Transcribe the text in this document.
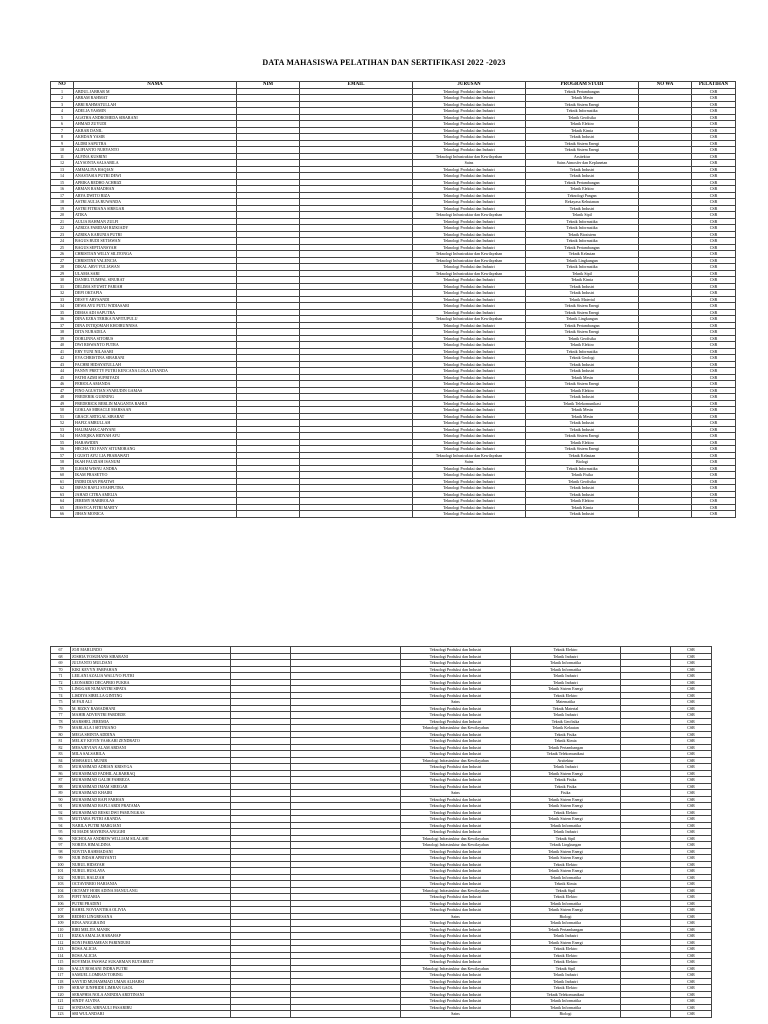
DATA MAHASISWA PELATIHAN DAN SERTIFIKASI 2022 -2023
NO	NAMA	NIM	EMAIL	JURUSAN	PROGRAM STUDI	NO WA	PELATIHAN
1	ABDUL JABBAR M			Teknologi Produksi dan Industri	Teknik Pertambangan		CSR
2	ABRAM RAHMAT			Teknologi Produksi dan Industri	Teknik Mesin		CSR
3	ABRI RAHMATULLAH			Teknologi Produksi dan Industri	Teknik Sistem Energi		CSR
4	ADELIA YASMIN			Teknologi Produksi dan Industri	Teknik Informatika		CSR
5	AGATHA ANDROMEDA SIBARANI			Teknologi Produksi dan Industri	Teknik Geofisika		CSR
6	AHMAD ZUYUDI			Teknologi Produksi dan Industri	Teknik Elektro		CSR
7	AKBAR DANIL			Teknologi Produksi dan Industri	Teknik Kimia		CSR
8	AKHDAN YASIR			Teknologi Produksi dan Industri	Teknik Industri		CSR
9	ALDRI SAPUTRA			Teknologi Produksi dan Industri	Teknik Sistem Energi		CSR
10	ALIFIANTO NURYANTO			Teknologi Produksi dan Industri	Teknik Sistem Energi		CSR
11	ALFINA KUSRINI			Teknologi Infrastruktur dan Kewilayahan	Arsitektur		CSR
12	ALYSONTA SALSABILA			Sains	Sains Atmosfer dan Keplanetan		CSR
13	AMMALIYA HAQIAN			Teknologi Produksi dan Industri	Teknik Industri		CSR
14	ANASTASIA PUTRI DEWI			Teknologi Produksi dan Industri	Teknik Industri		CSR
15	APRIKA REDHO ACHRIZI			Teknologi Produksi dan Industri	Teknik Pertambangan		CSR
16	ARMAN RAMADHAN			Teknologi Produksi dan Industri	Teknik Elektro		CSR
17	ARYA DWITO RIZA			Teknologi Produksi dan Industri	Teknologi Pangan		CSR
18	ASTRI AULIA RUWANDA			Teknologi Produksi dan Industri	Rekayasa Kehutanan		CSR
19	ASTRI FITRIANA SIREGAR			Teknologi Produksi dan Industri	Teknik Industri		CSR
20	ATIKA			Teknologi Infrastruktur dan Kewilayahan	Teknik Sipil		CSR
21	AULIA RAHMAN ZULFI			Teknologi Produksi dan Industri	Teknik Informatika		CSR
22	AZRIZA FARIDAH RIZKIADY			Teknologi Produksi dan Industri	Teknik Informatika		CSR
23	AZRIKA KARUNIA PUTRI			Teknologi Produksi dan Industri	Teknik Biosistem		CSR
24	BAGUS BUDI SETIAWAN			Teknologi Produksi dan Industri	Teknik Informatika		CSR
25	BAGUS SEPTIANSYAH			Teknologi Produksi dan Industri	Teknik Pertambangan		CSR
26	CHRISTIAN WILLY SILITONGA			Teknologi Infrastruktur dan Kewilayahan	Teknik Kelautan		CSR
27	CHRISTINE VALENCIA			Teknologi Infrastruktur dan Kewilayahan	Teknik Lingkungan		CSR
28	DIKAL ARVI YULIAWAN			Teknologi Produksi dan Industri	Teknik Informatika		CSR
29	ULAMA SARI			Teknologi Infrastruktur dan Kewilayahan	Teknik Sipil		CSR
30	DANIEL TUMPAL SINURAT			Teknologi Produksi dan Industri	Teknik Kimia		CSR
31	DELIMA SYUWIT FARIAH			Teknologi Produksi dan Industri	Teknik Industri		CSR
32	DEPI OKTAPIA			Teknologi Produksi dan Industri	Teknik Industri		CSR
33	DESVY ARYSANDI			Teknologi Produksi dan Industri	Teknik Material		CSR
34	DEWA AYU PUTU WIDIASARI			Teknologi Produksi dan Industri	Teknik Sistem Energi		CSR
35	DIMAS ADI SAPUTRA			Teknologi Produksi dan Industri	Teknik Sistem Energi		CSR
36	DINA EZRA TERIKA NAPITUPULU			Teknologi Infrastruktur dan Kewilayahan	Teknik Lingkungan		CSR
37	DINA INTIQOMAH KHOIRUNNISA			Teknologi Produksi dan Industri	Teknik Pertambangan		CSR
38	DITA NURADILA			Teknologi Produksi dan Industri	Teknik Sistem Energi		CSR
39	DORLINNA SITORUS			Teknologi Produksi dan Industri	Teknik Geofisika		CSR
40	DWI RISWANTO PUTRA			Teknologi Produksi dan Industri	Teknik Elektro		CSR
41	ERY YUNI NILASARI			Teknologi Produksi dan Industri	Teknik Informatika		CSR
42	EVA CHRISTINA SIBARANI			Teknologi Produksi dan Industri	Teknik Geologi		CSR
43	FACHRI HIDAYATULLAH			Teknologi Produksi dan Industri	Teknik Industri		CSR
44	FANNY PRETTY PUTRI KENCANA LOLA LINANDA			Teknologi Produksi dan Industri	Teknik Industri		CSR
45	FATHI AZMI SUPRIYADI			Teknologi Produksi dan Industri	Teknik Mesin		CSR
46	FEBIOLA AMANDA			Teknologi Produksi dan Industri	Teknik Sistem Energi		CSR
47	FINO AGUSTIAN SYARUDIN GAMAS			Teknologi Produksi dan Industri	Teknik Elektro		CSR
48	FREDERIK GURNING			Teknologi Produksi dan Industri	Teknik Industri		CSR
49	FREDERICK BERLIN MAGANTA RAHUI			Teknologi Produksi dan Industri	Teknik Telekomunikasi		CSR
50	GOKLAS MIRACLE MARSAAN			Teknologi Produksi dan Industri	Teknik Mesin		CSR
51	GRACE ARTIGAL SIBARAT			Teknologi Produksi dan Industri	Teknik Mesin		CSR
52	HAFIZ AMRULLAH			Teknologi Produksi dan Industri	Teknik Industri		CSR
53	HALIMAHA CAHYANI			Teknologi Produksi dan Industri	Teknik Industri		CSR
54	HANIQIKA HIDYAH AYU			Teknologi Produksi dan Industri	Teknik Sistem Energi		CSR
55	HARAWIDIN			Teknologi Produksi dan Industri	Teknik Elektro		CSR
56	HECHA TIO FANY SITUMORANG			Teknologi Produksi dan Industri	Teknik Sistem Energi		CSR
57	I GUSTI AYU LIA PRABAWATI			Teknologi Infrastruktur dan Kewilayahan	Teknik Kelautan		CSR
58	IKAH FAUZIAH ISANUM			Sains	Biologi		CSR
59	ILHAM WISNU ANDRA			Teknologi Produksi dan Industri	Teknik Informatika		CSR
60	IKAM PRASETYO			Teknologi Produksi dan Industri	Teknik Fisika		CSR
61	INDRI DIAN PRATIWI			Teknologi Produksi dan Industri	Teknik Geofisika		CSR
62	IRFAN RAFLI SYAHPUTRA			Teknologi Produksi dan Industri	Teknik Industri		CSR
63	JAHAD CITRA AMELIA			Teknologi Produksi dan Industri	Teknik Industri		CSR
64	JEREMY HARIBOLAS			Teknologi Produksi dan Industri	Teknik Elektro		CSR
65	JESSYCA FITRI MARTY			Teknologi Produksi dan Industri	Teknik Kimia		CSR
66	JIHAN MONICA			Teknologi Produksi dan Industri	Teknik Industri		CSR
67	JOJI MARLINDO			Teknologi Produksi dan Industri	Teknik Elektro		CSR
68	JOSHIA YOSUHANS SIBARANI			Teknologi Produksi dan Industri	Teknik Industri		CSR
69	JULYANTO MULDANI			Teknologi Produksi dan Industri	Teknik Informatika		CSR
70	KIKI KEVYN PARFAHAN			Teknologi Produksi dan Industri	Teknik Informatika		CSR
71	LEILANI AZALIA WALUYO PUTRI			Teknologi Produksi dan Industri	Teknik Industri		CSR
72	LEONARDO DECAPRIO PUKRA			Teknologi Produksi dan Industri	Teknik Industri		CSR
73	LINGGAR NUMANTRI SIPATA			Teknologi Produksi dan Industri	Teknik Sistem Energi		CSR
74	LISDIYA SIBELLA GINTING			Teknologi Produksi dan Industri	Teknik Elektro		CSR
75	M FAJI ALI			Sains	Matematika		CSR
76	M. RIZKY RAMADHANI			Teknologi Produksi dan Industri	Teknik Material		CSR
77	MAHIR ADVENTRI PARDEDE			Teknologi Produksi dan Industri	Teknik Industri		CSR
78	MARSHEL JEREMIA			Teknologi Produksi dan Industri	Teknik Geofisika		CSR
79	MARLALA I SETINIANO			Teknologi Infrastruktur dan Kewilayahan	Teknik Kelautan		CSR
80	MEGA SHINTA ADDINA			Teknologi Produksi dan Industri	Teknik Fisika		CSR
81	MELKY KEVIN YASKARI ZENDRATO			Teknologi Produksi dan Industri	Teknik Kimia		CSR
82	MESAJEVIAN ALAM ARDANI			Teknologi Produksi dan Industri	Teknik Pertambangan		CSR
83	MILA SALSABILA			Teknologi Produksi dan Industri	Teknik Telekomunikasi		CSR
84	MISBAKUL MUNIR			Teknologi Infrastruktur dan Kewilayahan	Arsitektur		CSR
85	MUHAMMAD ADRIAN KRISYGA			Teknologi Produksi dan Industri	Teknik Industri		CSR
86	MUHAMMAD FADHIL ALBARRAQ			Teknologi Produksi dan Industri	Teknik Sistem Energi		CSR
87	MUHAMMAD GALIH FAHREZA			Teknologi Produksi dan Industri	Teknik Fisika		CSR
88	MUHAMMAD IMAM SIREGAR			Teknologi Produksi dan Industri	Teknik Fisika		CSR
89	MUHAMMAD KHAIRI			Sains	Fisika		CSR
90	MUHAMMAD RAFI FARHAN			Teknologi Produksi dan Industri	Teknik Sistem Energi		CSR
91	MUHAMMAD RAFLI ARDI PRATAMA			Teknologi Produksi dan Industri	Teknik Sistem Energi		CSR
92	MUHAMMAD RESKI DWI PAMUNGKAS			Teknologi Produksi dan Industri	Teknik Elektro		CSR
93	MUTIARA PUTRI ARANDA			Teknologi Produksi dan Industri	Teknik Sistem Energi		CSR
94	NABILA PUTRI MARGIANI			Teknologi Produksi dan Industri	Teknik Informatika		CSR
95	NI MADE MAYRINA ANGGHI			Teknologi Produksi dan Industri	Teknik Industri		CSR
96	NICHOLAS ANDREW WILLIAM SILALAHI			Teknologi Infrastruktur dan Kewilayahan	Teknik Sipil		CSR
97	NORITA HIMALDINA			Teknologi Infrastruktur dan Kewilayahan	Teknik Lingkungan		CSR
98	NOVITA RAHMADANI			Teknologi Produksi dan Industri	Teknik Sistem Energi		CSR
99	NUR INDAH APRIYANTI			Teknologi Produksi dan Industri	Teknik Sistem Energi		CSR
100	NURUL HIDAYAH			Teknologi Produksi dan Industri	Teknik Elektro		CSR
101	NURUL HUSLAYA			Teknologi Produksi dan Industri	Teknik Sistem Energi		CSR
102	NURUL HALIZAH			Teknologi Produksi dan Industri	Teknik Informatika		CSR
103	OCTAVINRIO HARIANJA			Teknologi Produksi dan Industri	Teknik Kimia		CSR
104	OKTAMY HOIR ADINA MANULANG			Teknologi Infrastruktur dan Kewilayahan	Teknik Sipil		CSR
105	PIPIT NEZARIA			Teknologi Produksi dan Industri	Teknik Elektro		CSR
106	PUTRI PRADINI			Teknologi Produksi dan Industri	Teknik Informatika		CSR
107	RAHEL NOVIANTIKA OLIVIA			Teknologi Produksi dan Industri	Teknik Sistem Energi		CSR
108	REDHO LINGRESANA			Sains	Biologi		CSR
109	RINA ANGGRAINI			Teknologi Produksi dan Industri	Teknik Informatika		CSR
110	RIRI MELITA MANIK			Teknologi Produksi dan Industri	Teknik Pertambangan		CSR
111	RIZKA AMALIA HARAHAP			Teknologi Produksi dan Industri	Teknik Industri		CSR
112	RONI PARDAMEAN PARINDURI			Teknologi Produksi dan Industri	Teknik Sistem Energi		CSR
113	ROSA ALICIA			Teknologi Produksi dan Industri	Teknik Elektro		CSR
114	ROSA ALICIA			Teknologi Produksi dan Industri	Teknik Elektro		CSR
115	ROVEMIA FASWAZ SUKARMAN BUTARBUT			Teknologi Produksi dan Industri	Teknik Elektro		CSR
116	SALLY ROSIANI INDRA PUTRI			Teknologi Infrastruktur dan Kewilayahan	Teknik Sipil		CSR
117	SAMUEL LOMBAN TOBING			Teknologi Produksi dan Industri	Teknik Industri		CSR
118	SAYYID MUHAMMAD UMAR ALHABSI			Teknologi Produksi dan Industri	Teknik Industri		CSR
119	SERAF IUNFRIDE LIMBAN GAOL			Teknologi Produksi dan Industri	Teknik Elektro		CSR
120	SERAPHIA NOLA ANINDIA ARDTINANI			Teknologi Produksi dan Industri	Teknik Telekomunikasi		CSR
121	SINDY ALVINA			Teknologi Produksi dan Industri	Teknik Informatika		CSR
122	SONDANG AIRNAULI PASARIBU			Teknologi Produksi dan Industri	Teknik Informatika		CSR
123	SRI WULANDARI			Sains	Biologi		CSR
